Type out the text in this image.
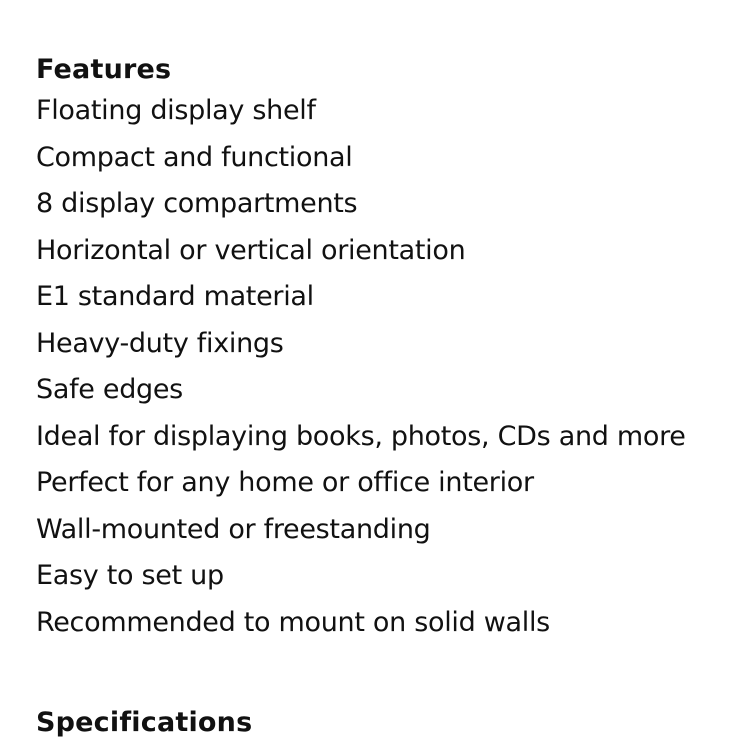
Features
Floating display shelf
Compact and functional
8 display compartments
Horizontal or vertical orientation
E1 standard material
Heavy-duty fixings
Safe edges
Ideal for displaying books, photos, CDs and more
Perfect for any home or office interior
Wall-mounted or freestanding
Easy to set up
Recommended to mount on solid walls
Specifications
